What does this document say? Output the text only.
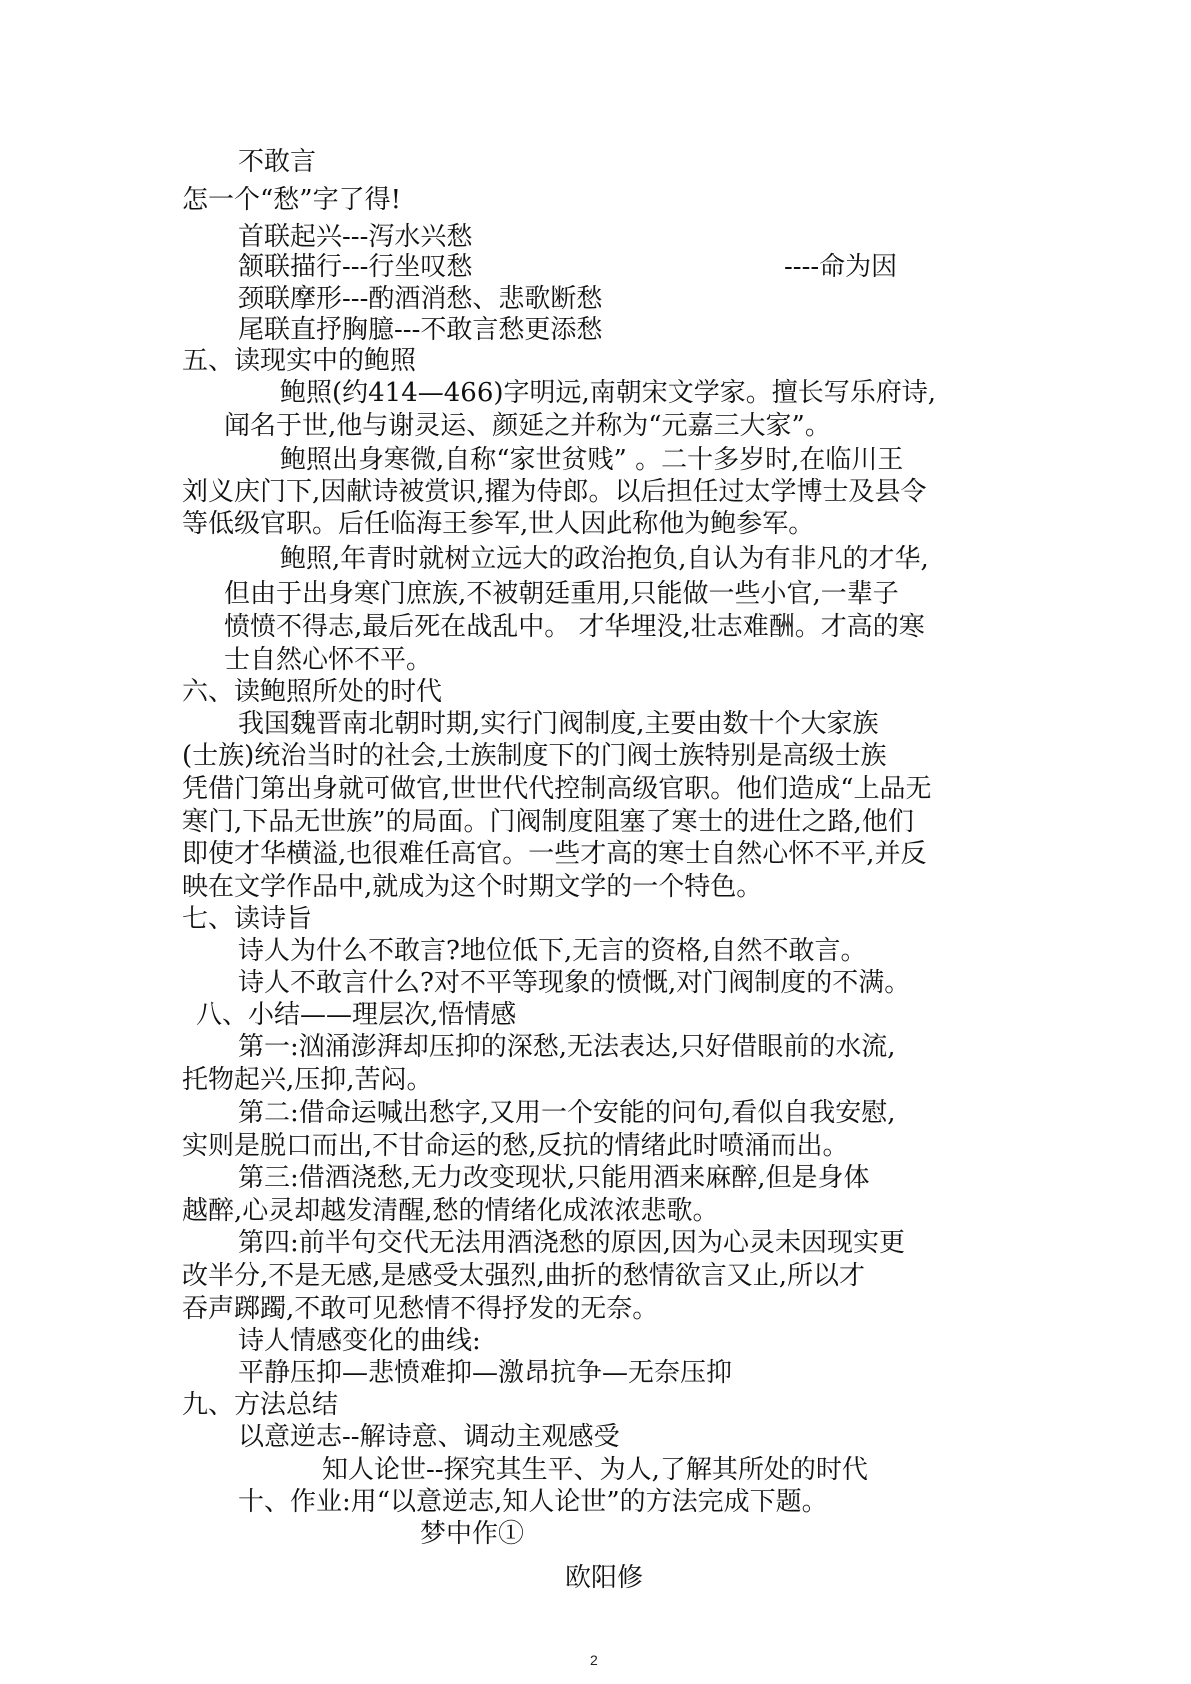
不敢言
怎一个“愁”字了得!
首联起兴---泻水兴愁
颔联描行---行坐叹愁	----命为因
颈联摩形---酌酒消愁、悲歌断愁
尾联直抒胸臆---不敢言愁更添愁
五、读现实中的鲍照
鲍照(约414—466)字明远,南朝宋文学家。擅长写乐府诗,
闻名于世,他与谢灵运、颜延之并称为“元嘉三大家”。
鲍照出身寒微,自称“家世贫贱” 。二十多岁时,在临川王
刘义庆门下,因献诗被赏识,擢为侍郎。以后担任过太学博士及县令
等低级官职。后任临海王参军,世人因此称他为鲍参军。
鲍照,年青时就树立远大的政治抱负,自认为有非凡的才华,
但由于出身寒门庶族,不被朝廷重用,只能做一些小官,一辈子
愤愤不得志,最后死在战乱中。 才华埋没,壮志难酬。才高的寒
士自然心怀不平。
六、读鲍照所处的时代
我国魏晋南北朝时期,实行门阀制度,主要由数十个大家族
(士族)统治当时的社会,士族制度下的门阀士族特别是高级士族
凭借门第出身就可做官,世世代代控制高级官职。他们造成“上品无
寒门,下品无世族”的局面。门阀制度阻塞了寒士的进仕之路,他们
即使才华横溢,也很难任高官。一些才高的寒士自然心怀不平,并反
映在文学作品中,就成为这个时期文学的一个特色。
七、读诗旨
诗人为什么不敢言?地位低下,无言的资格,自然不敢言。
诗人不敢言什么?对不平等现象的愤慨,对门阀制度的不满。
八、小结——理层次,悟情感
第一:汹涌澎湃却压抑的深愁,无法表达,只好借眼前的水流,
托物起兴,压抑,苦闷。
第二:借命运喊出愁字,又用一个安能的问句,看似自我安慰,
实则是脱口而出,不甘命运的愁,反抗的情绪此时喷涌而出。
第三:借酒浇愁,无力改变现状,只能用酒来麻醉,但是身体
越醉,心灵却越发清醒,愁的情绪化成浓浓悲歌。
第四:前半句交代无法用酒浇愁的原因,因为心灵未因现实更
改半分,不是无感,是感受太强烈,曲折的愁情欲言又止,所以才
吞声踯躅,不敢可见愁情不得抒发的无奈。
诗人情感变化的曲线:
平静压抑—悲愤难抑—激昂抗争—无奈压抑
九、方法总结
以意逆志--解诗意、调动主观感受
知人论世--探究其生平、为人,了解其所处的时代
十、作业:用“以意逆志,知人论世”的方法完成下题。
梦中作①
欧阳修
2
